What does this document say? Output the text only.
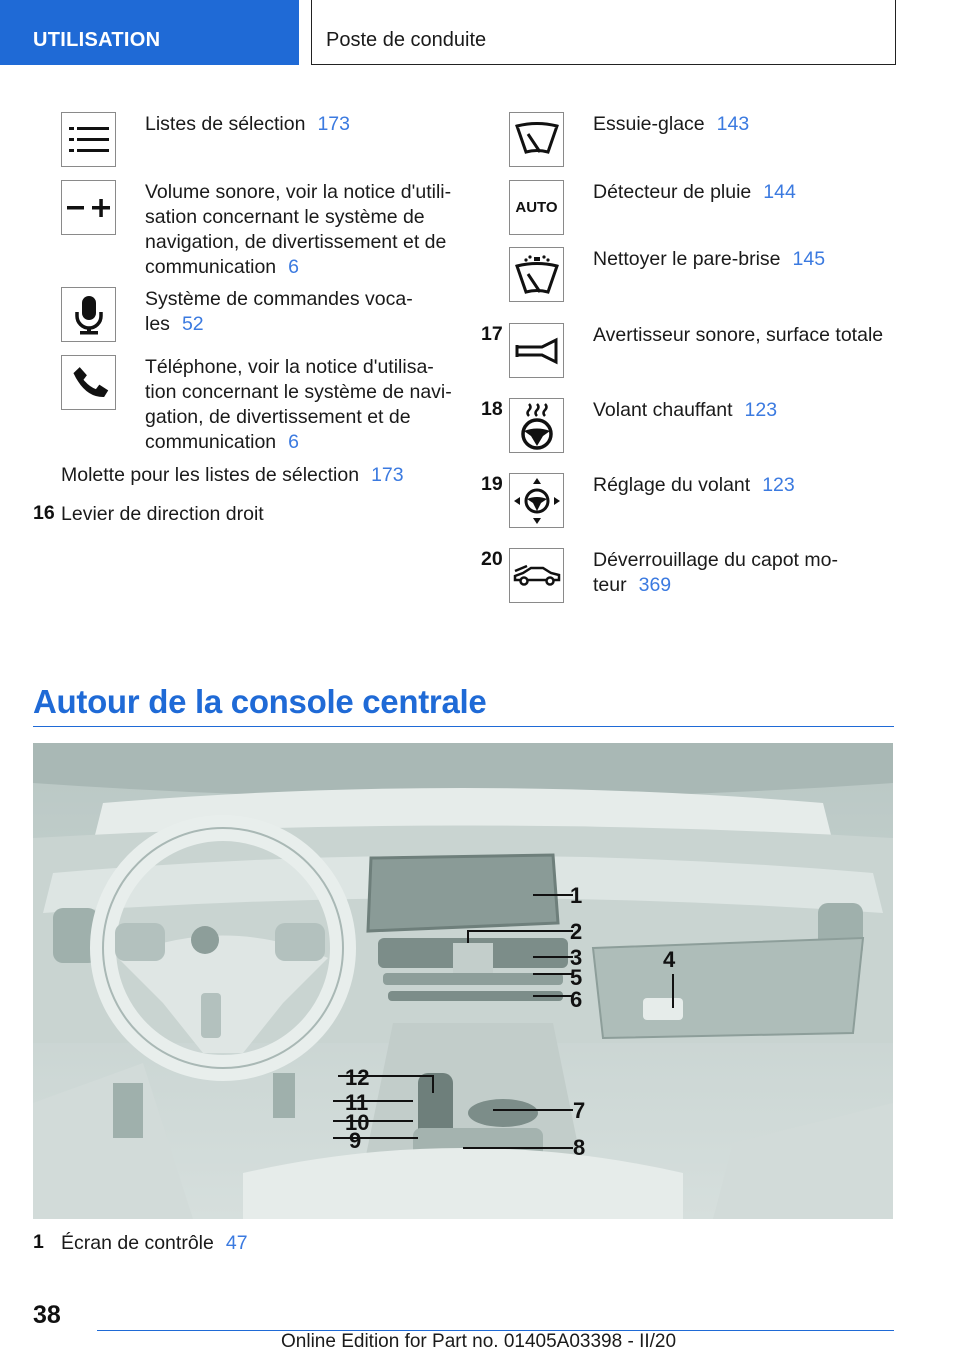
UTILISATION	Poste de conduite
Listes de sélection 173
Volume sonore, voir la notice d'utili-
sation concernant le système de
navigation, de divertissement et de
communication 6
Système de commandes voca-
les 52
Téléphone, voir la notice d'utilisa-
tion concernant le système de navi-
gation, de divertissement et de
communication 6
Molette pour les listes de sélection 173
16 Levier de direction droit
Essuie-glace 143
AUTO
Détecteur de pluie 144
Nettoyer le pare-brise 145
17	Avertisseur sonore, surface totale
18	Volant chauffant 123
19	Réglage du volant 123
20	Déverrouillage du capot mo-
teur 369
Autour de la console centrale
1
2
3
5
6
4
12
11
10
9
7
8
1 Écran de contrôle 47
38
Online Edition for Part no. 01405A03398 - II/20
